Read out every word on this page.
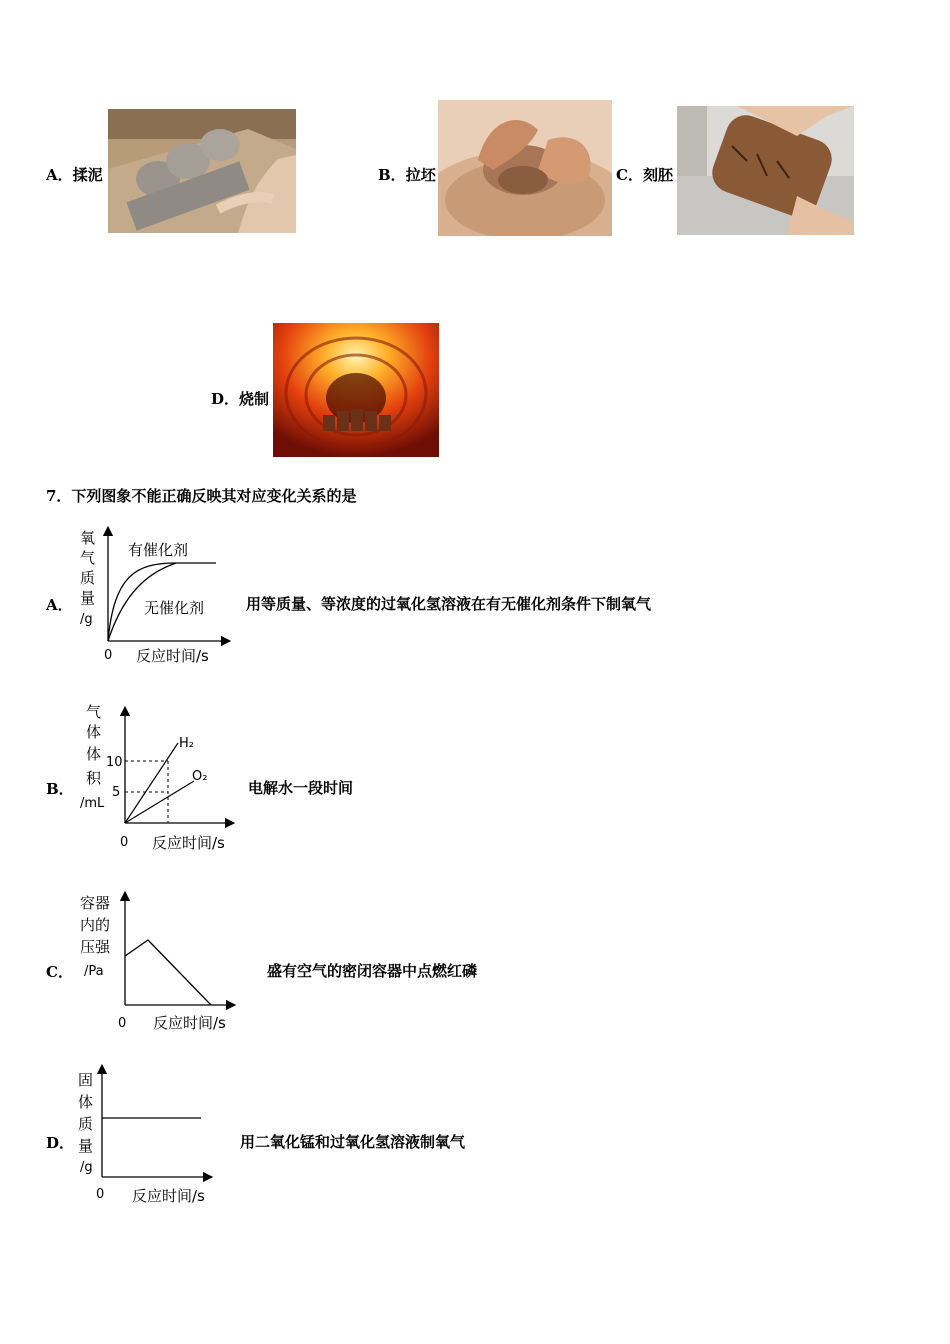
A．揉泥	B．拉坯	C．刻胚
D．烧制
7．下列图象不能正确反映其对应变化关系的是
A．
氧
气
质
量
/g
0 反应时间/s
有催化剂
无催化剂	用等质量、等浓度的过氧化氢溶液在有无催化剂条件下制氧气
B．
气
体
体
积
/mL
10
5
H₂
O₂
0 反应时间/s
电解水一段时间
C．
容器
内的
压强
/Pa
0 反应时间/s
盛有空气的密闭容器中点燃红磷
D．
固
体
质
量
/g
0 反应时间/s
用二氧化锰和过氧化氢溶液制氧气
